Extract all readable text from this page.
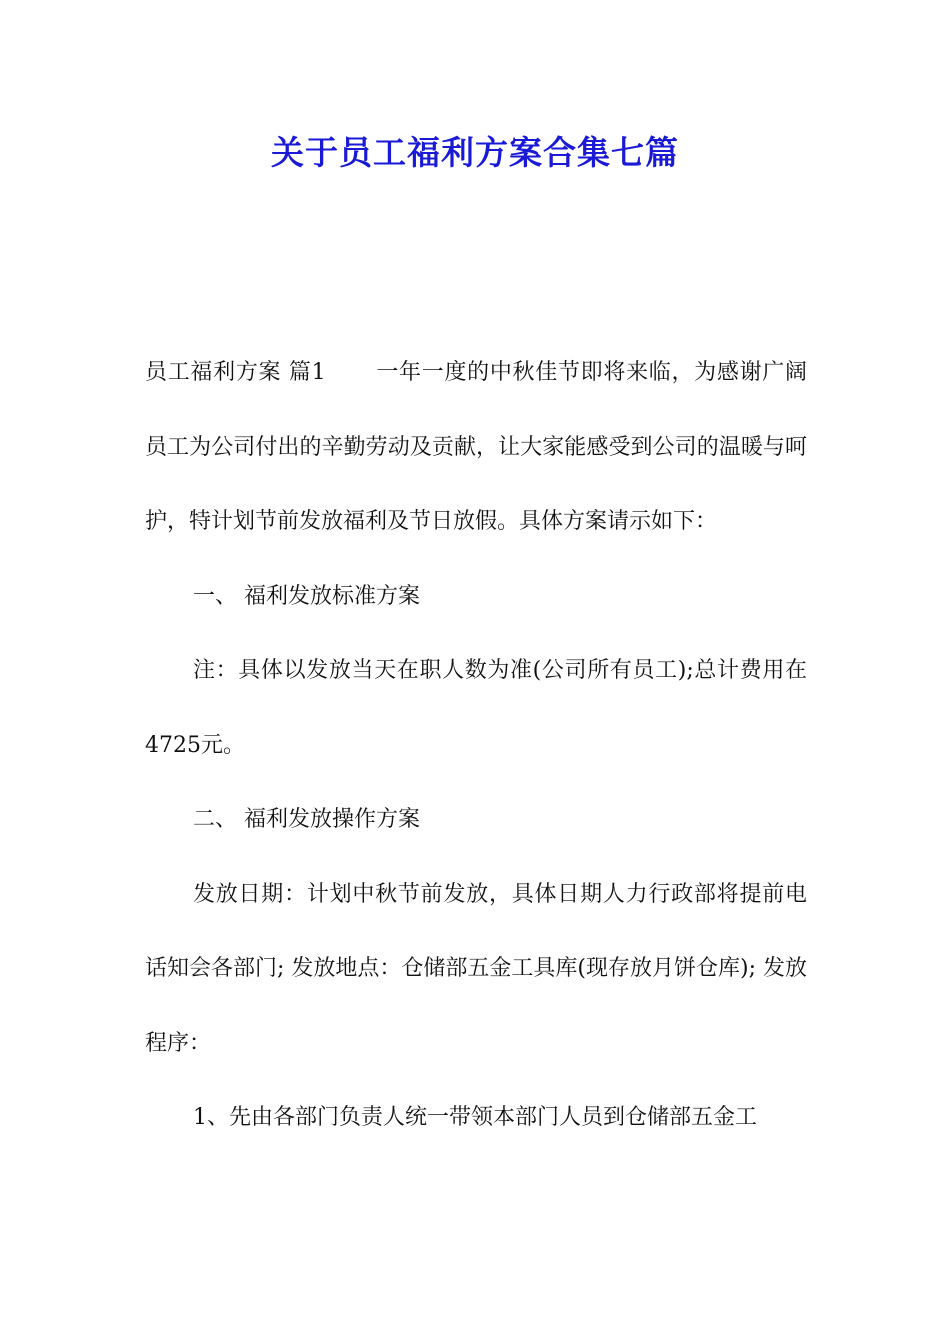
关于员工福利方案合集七篇

员工福利方案 篇1 一年一度的中秋佳节即将来临，为感谢广阔员工为公司付出的辛勤劳动及贡献，让大家能感受到公司的温暖与呵护，特计划节前发放福利及节日放假。具体方案请示如下：

一、 福利发放标准方案

注：具体以发放当天在职人数为准(公司所有员工);总计费用在4725元。

二、 福利发放操作方案

发放日期：计划中秋节前发放，具体日期人力行政部将提前电话知会各部门; 发放地点：仓储部五金工具库(现存放月饼仓库); 发放程序：

1、先由各部门负责人统一带领本部门人员到仓储部五金工
